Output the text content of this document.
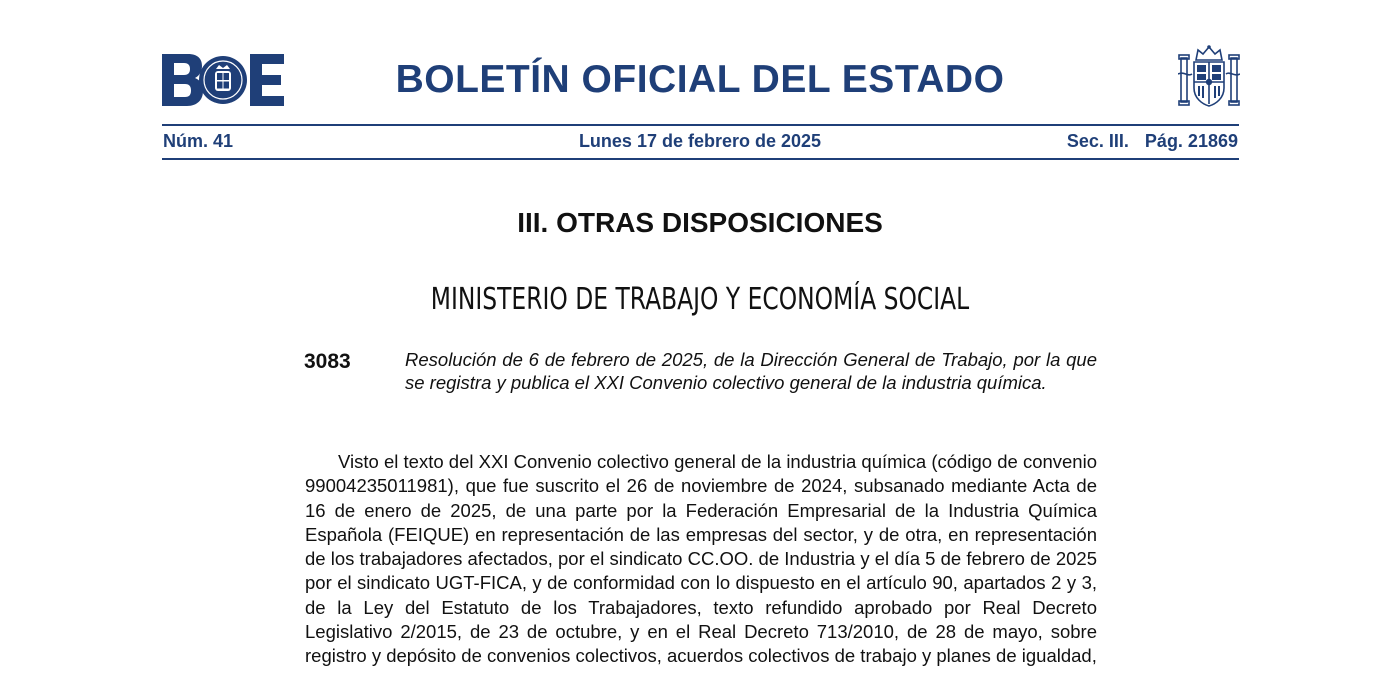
BOLETÍN OFICIAL DEL ESTADO
Núm. 41	Lunes 17 de febrero de 2025	Sec. III. Pág. 21869
III. OTRAS DISPOSICIONES
MINISTERIO DE TRABAJO Y ECONOMÍA SOCIAL
3083	Resolución de 6 de febrero de 2025, de la Dirección General de Trabajo, por la que se registra y publica el XXI Convenio colectivo general de la industria química.
Visto el texto del XXI Convenio colectivo general de la industria química (código de convenio 99004235011981), que fue suscrito el 26 de noviembre de 2024, subsanado mediante Acta de 16 de enero de 2025, de una parte por la Federación Empresarial de la Industria Química Española (FEIQUE) en representación de las empresas del sector, y de otra, en representación de los trabajadores afectados, por el sindicato CC.OO. de Industria y el día 5 de febrero de 2025 por el sindicato UGT-FICA, y de conformidad con lo dispuesto en el artículo 90, apartados 2 y 3, de la Ley del Estatuto de los Trabajadores, texto refundido aprobado por Real Decreto Legislativo 2/2015, de 23 de octubre, y en el Real Decreto 713/2010, de 28 de mayo, sobre registro y depósito de convenios colectivos, acuerdos colectivos de trabajo y planes de igualdad,
